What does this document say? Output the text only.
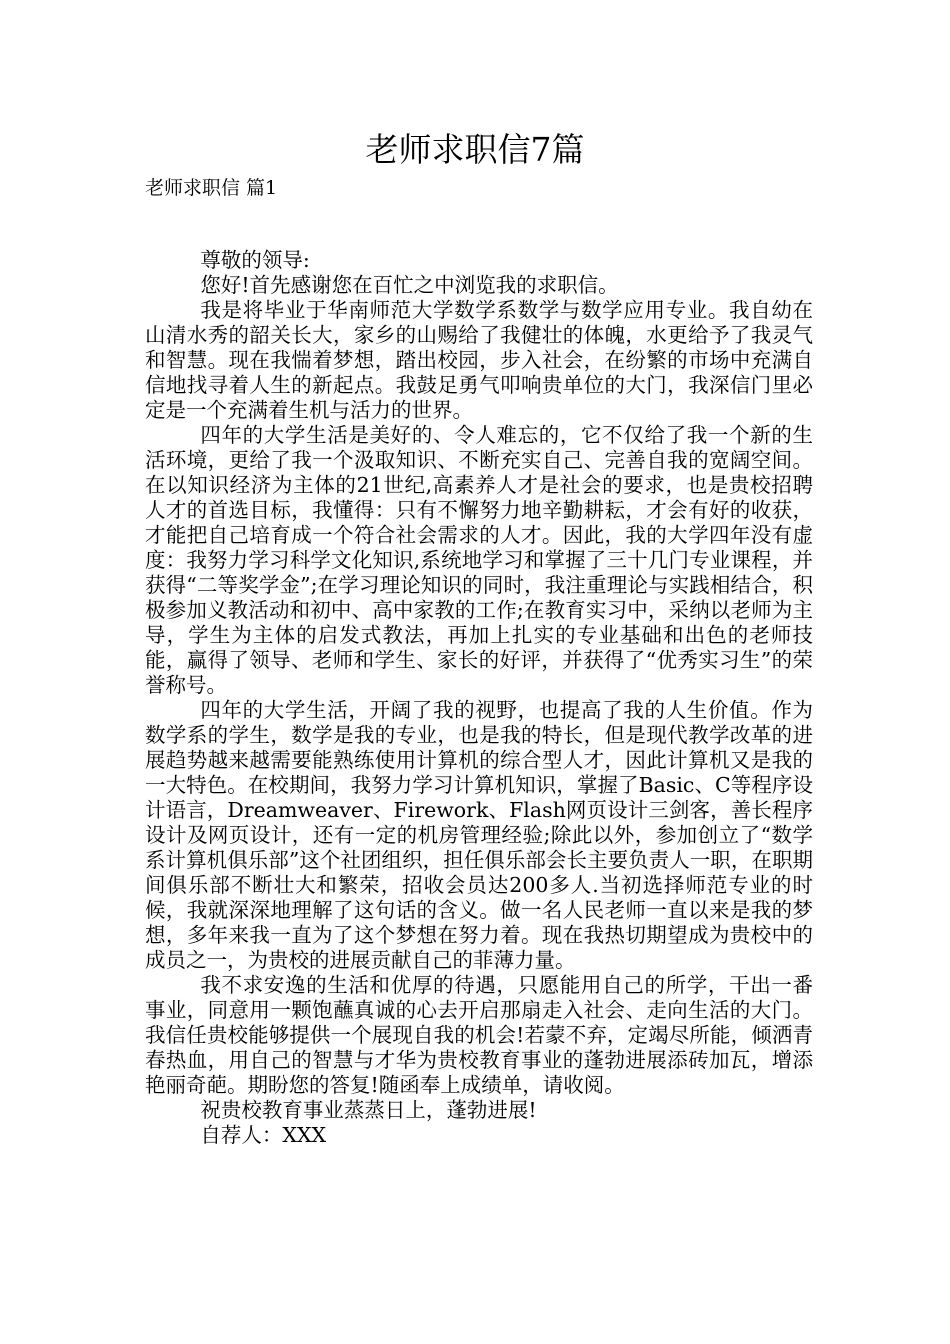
老师求职信7篇
老师求职信 篇1

尊敬的领导:

您好!首先感谢您在百忙之中浏览我的求职信。

我是将毕业于华南师范大学数学系数学与数学应用专业。我自幼在山清水秀的韶关长大，家乡的山赐给了我健壮的体魄，水更给予了我灵气和智慧。现在我惴着梦想，踏出校园，步入社会，在纷繁的市场中充满自信地找寻着人生的新起点。我鼓足勇气叩响贵单位的大门，我深信门里必定是一个充满着生机与活力的世界。

四年的大学生活是美好的、令人难忘的，它不仅给了我一个新的生活环境，更给了我一个汲取知识、不断充实自己、完善自我的宽阔空间。在以知识经济为主体的21世纪,高素养人才是社会的要求，也是贵校招聘人才的首选目标，我懂得：只有不懈努力地辛勤耕耘，才会有好的收获，才能把自己培育成一个符合社会需求的人才。因此，我的大学四年没有虚度：我努力学习科学文化知识,系统地学习和掌握了三十几门专业课程，并获得“二等奖学金”;在学习理论知识的同时，我注重理论与实践相结合，积极参加义教活动和初中、高中家教的工作;在教育实习中，采纳以老师为主导，学生为主体的启发式教法，再加上扎实的专业基础和出色的老师技能，赢得了领导、老师和学生、家长的好评，并获得了“优秀实习生”的荣誉称号。

四年的大学生活，开阔了我的视野，也提高了我的人生价值。作为数学系的学生，数学是我的专业，也是我的特长，但是现代教学改革的进展趋势越来越需要能熟练使用计算机的综合型人才，因此计算机又是我的一大特色。在校期间，我努力学习计算机知识，掌握了Basic、C等程序设计语言，Dreamweaver、Firework、Flash网页设计三剑客，善长程序设计及网页设计，还有一定的机房管理经验;除此以外，参加创立了“数学系计算机俱乐部”这个社团组织，担任俱乐部会长主要负责人一职，在职期间俱乐部不断壮大和繁荣，招收会员达200多人.当初选择师范专业的时候，我就深深地理解了这句话的含义。做一名人民老师一直以来是我的梦想，多年来我一直为了这个梦想在努力着。现在我热切期望成为贵校中的成员之一，为贵校的进展贡献自己的菲薄力量。

我不求安逸的生活和优厚的待遇，只愿能用自己的所学，干出一番事业，同意用一颗饱蘸真诚的心去开启那扇走入社会、走向生活的大门。我信任贵校能够提供一个展现自我的机会!若蒙不弃，定竭尽所能，倾洒青春热血，用自己的智慧与才华为贵校教育事业的蓬勃进展添砖加瓦，增添艳丽奇葩。期盼您的答复!随函奉上成绩单，请收阅。

祝贵校教育事业蒸蒸日上，蓬勃进展!

自荐人：XXX
